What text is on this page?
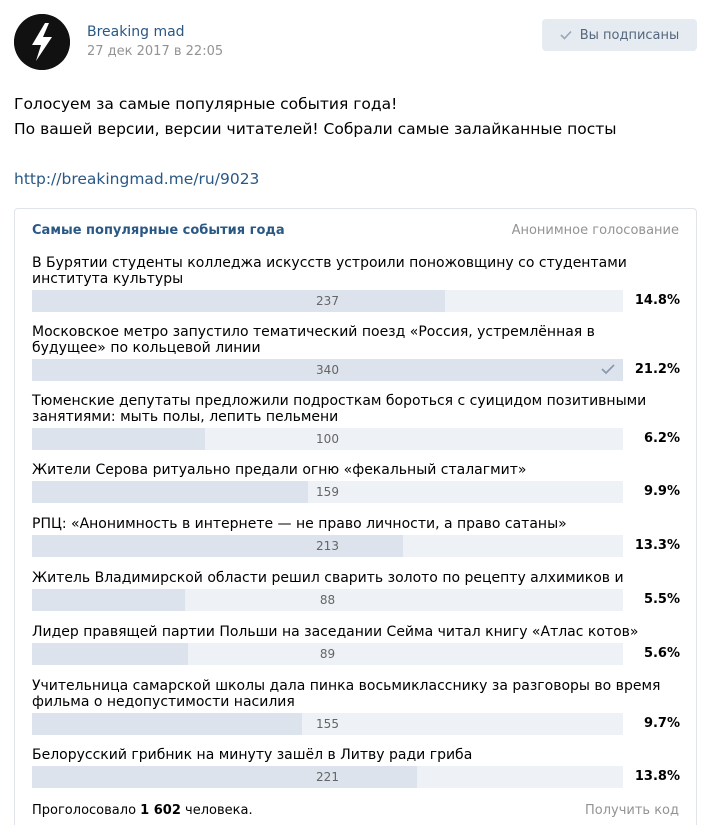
Breaking mad
27 дек 2017 в 22:05
Вы подписаны
Голосуем за самые популярные события года!
По вашей версии, версии читателей! Собрали самые залайканные посты
http://breakingmad.me/ru/9023
Самые популярные события года	Анонимное голосование
В Бурятии студенты колледжа искусств устроили поножовщину со студентами института культуры
237	14.8%
Московское метро запустило тематический поезд «Россия, устремлённая в будущее» по кольцевой линии
340	21.2%
Тюменские депутаты предложили подросткам бороться с суицидом позитивными занятиями: мыть полы, лепить пельмени
100	6.2%
Жители Серова ритуально предали огню «фекальный сталагмит»
159	9.9%
РПЦ: «Анонимность в интернете — не право личности, а право сатаны»
213	13.3%
Житель Владимирской области решил сварить золото по рецепту алхимиков и
88	5.5%
Лидер правящей партии Польши на заседании Сейма читал книгу «Атлас котов»
89	5.6%
Учительница самарской школы дала пинка восьмикласснику за разговоры во время фильма о недопустимости насилия
155	9.7%
Белорусский грибник на минуту зашёл в Литву ради гриба
221	13.8%
Проголосовало 1 602 человека.	Получить код
